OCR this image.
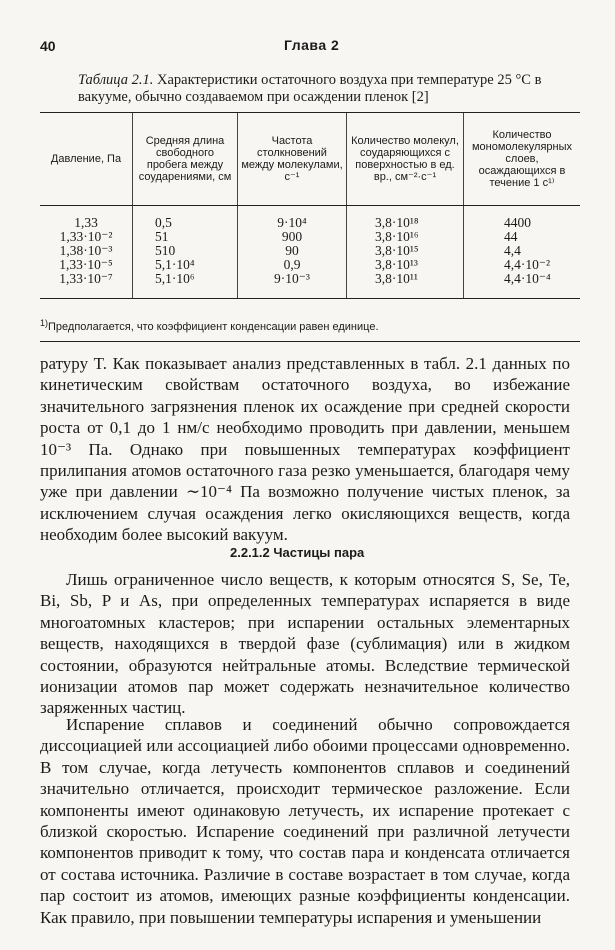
40	Глава 2
Таблица 2.1. Характеристики остаточного воздуха при температуре 25 °С в вакууме, обычно создаваемом при осаждении пленок [2]
Давление, Па	Средняя длина свободного пробега между соударениями, см	Частота столкновений между молекулами, с⁻¹	Количество молекул, соударяющихся с поверхностью в ед. вр., см⁻²·с⁻¹	Количество мономолекулярных слоев, осаждающихся в течение 1 с¹⁾
1,33	0,5	9·10⁴	3,8·10¹⁸	4400
1,33·10⁻²	51	900	3,8·10¹⁶	44
1,38·10⁻³	510	90	3,8·10¹⁵	4,4
1,33·10⁻⁵	5,1·10⁴	0,9	3,8·10¹³	4,4·10⁻²
1,33·10⁻⁷	5,1·10⁶	9·10⁻³	3,8·10¹¹	4,4·10⁻⁴
$^{1)}$Предполагается, что коэффициент конденсации равен единице.

ратуру T. Как показывает анализ представленных в табл. 2.1 данных по кинетическим свойствам остаточного воздуха, во избежание значительного загрязнения пленок их осаждение при средней скорости роста от 0,1 до 1 нм/с необходимо проводить при давлении, меньшем 10⁻³ Па. Однако при повышенных температурах коэффициент прилипания атомов остаточного газа резко уменьшается, благодаря чему уже при давлении ∼10⁻⁴ Па возможно получение чистых пленок, за исключением случая осаждения легко окисляющихся веществ, когда необходим более высокий вакуум.

2.2.1.2 Частицы пара

Лишь ограниченное число веществ, к которым относятся S, Se, Te, Bi, Sb, P и As, при определенных температурах испаряется в виде многоатомных кластеров; при испарении остальных элементарных веществ, находящихся в твердой фазе (сублимация) или в жидком состоянии, образуются нейтральные атомы. Вследствие термической ионизации атомов пар может содержать незначительное количество заряженных частиц.

Испарение сплавов и соединений обычно сопровождается диссоциацией или ассоциацией либо обоими процессами одновременно. В том случае, когда летучесть компонентов сплавов и соединений значительно отличается, происходит термическое разложение. Если компоненты имеют одинаковую летучесть, их испарение протекает с близкой скоростью. Испарение соединений при различной летучести компонентов приводит к тому, что состав пара и конденсата отличается от состава источника. Различие в составе возрастает в том случае, когда пар состоит из атомов, имеющих разные коэффициенты конденсации. Как правило, при повышении температуры испарения и уменьшении
